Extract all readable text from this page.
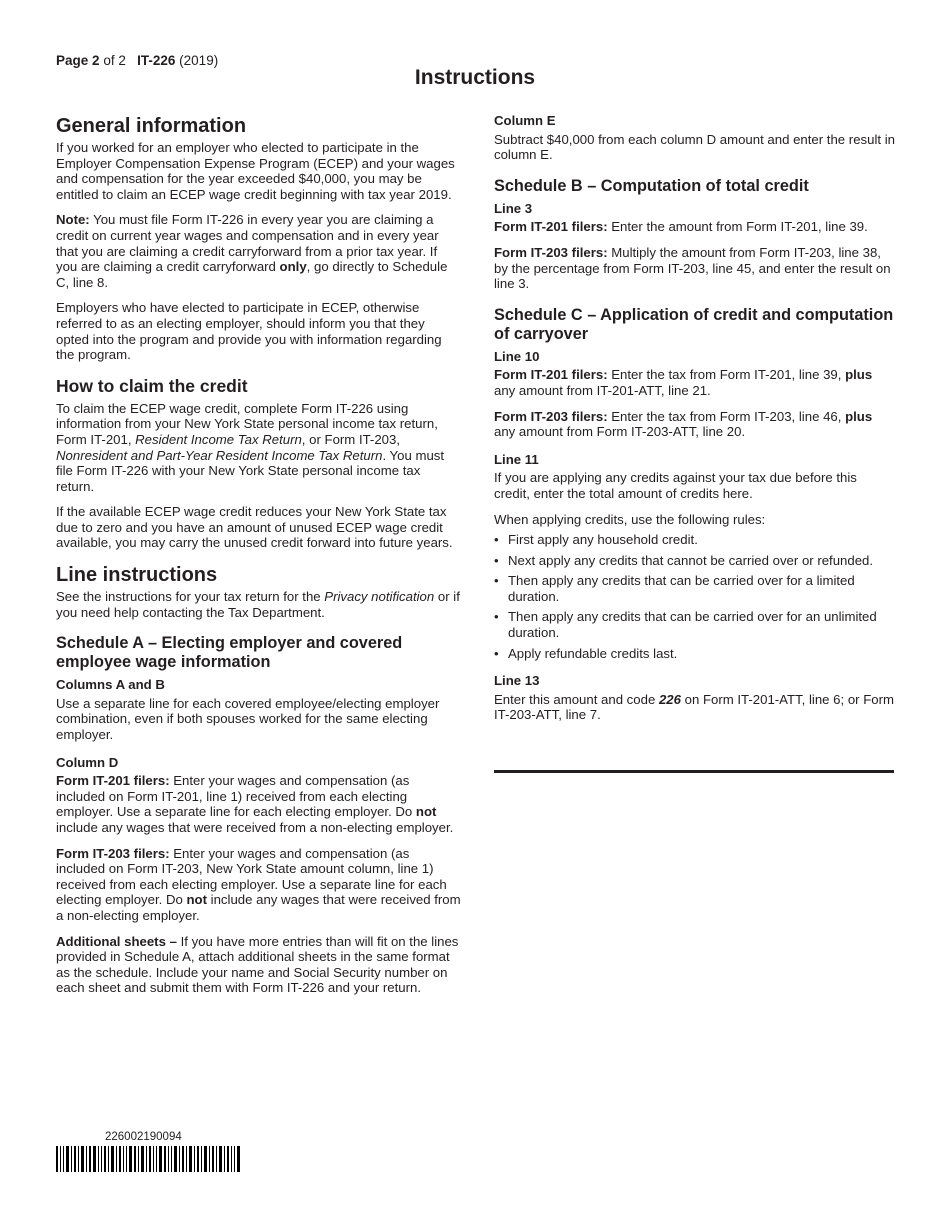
Page 2 of 2 IT-226 (2019)
Instructions
General information

If you worked for an employer who elected to participate in the Employer Compensation Expense Program (ECEP) and your wages and compensation for the year exceeded $40,000, you may be entitled to claim an ECEP wage credit beginning with tax year 2019.

Note: You must file Form IT-226 in every year you are claiming a credit on current year wages and compensation and in every year that you are claiming a credit carryforward from a prior tax year. If you are claiming a credit carryforward only, go directly to Schedule C, line 8.

Employers who have elected to participate in ECEP, otherwise referred to as an electing employer, should inform you that they opted into the program and provide you with information regarding the program.

How to claim the credit

To claim the ECEP wage credit, complete Form IT-226 using information from your New York State personal income tax return, Form IT-201, Resident Income Tax Return, or Form IT-203, Nonresident and Part-Year Resident Income Tax Return. You must file Form IT-226 with your New York State personal income tax return.

If the available ECEP wage credit reduces your New York State tax due to zero and you have an amount of unused ECEP wage credit available, you may carry the unused credit forward into future years.

Line instructions

See the instructions for your tax return for the Privacy notification or if you need help contacting the Tax Department.

Schedule A – Electing employer and covered employee wage information
Columns A and B

Use a separate line for each covered employee/electing employer combination, even if both spouses worked for the same electing employer.

Column D

Form IT-201 filers: Enter your wages and compensation (as included on Form IT-201, line 1) received from each electing employer. Use a separate line for each electing employer. Do not include any wages that were received from a non-electing employer.

Form IT-203 filers: Enter your wages and compensation (as included on Form IT-203, New York State amount column, line 1) received from each electing employer. Use a separate line for each electing employer. Do not include any wages that were received from a non-electing employer.

Additional sheets – If you have more entries than will fit on the lines provided in Schedule A, attach additional sheets in the same format as the schedule. Include your name and Social Security number on each sheet and submit them with Form IT-226 and your return.

Column E

Subtract $40,000 from each column D amount and enter the result in column E.

Schedule B – Computation of total credit
Line 3

Form IT-201 filers: Enter the amount from Form IT-201, line 39.

Form IT-203 filers: Multiply the amount from Form IT-203, line 38, by the percentage from Form IT-203, line 45, and enter the result on line 3.

Schedule C – Application of credit and computation of carryover
Line 10

Form IT-201 filers: Enter the tax from Form IT-201, line 39, plus any amount from IT-201-ATT, line 21.

Form IT-203 filers: Enter the tax from Form IT-203, line 46, plus any amount from Form IT-203-ATT, line 20.

Line 11

If you are applying any credits against your tax due before this credit, enter the total amount of credits here.

When applying credits, use the following rules:

• First apply any household credit.
• Next apply any credits that cannot be carried over or refunded.
• Then apply any credits that can be carried over for a limited duration.
• Then apply any credits that can be carried over for an unlimited duration.
• Apply refundable credits last.
Line 13

Enter this amount and code 226 on Form IT-201-ATT, line 6; or Form IT-203-ATT, line 7.

226002190094
